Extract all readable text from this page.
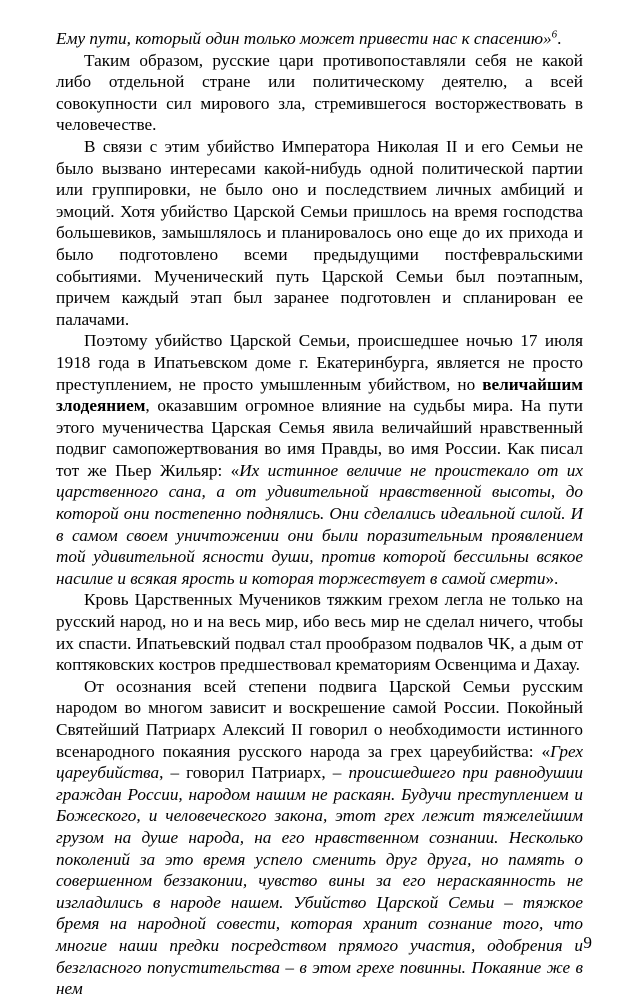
Ему пути, который один только может привести нас к спасению»$^6$.

Таким образом, русские цари противопоставляли себя не какой либо отдельной стране или политическому деятелю, а всей совокупности сил мирового зла, стремившегося восторжествовать в человечестве.

В связи с этим убийство Императора Николая II и его Семьи не было вызвано интересами какой-нибудь одной политической партии или группировки, не было оно и последствием личных амбиций и эмоций. Хотя убийство Царской Семьи пришлось на время господства большевиков, замышлялось и планировалось оно еще до их прихода и было подготовлено всеми предыдущими постфевральскими событиями. Мученический путь Царской Семьи был поэтапным, причем каждый этап был заранее подготовлен и спланирован ее палачами.

Поэтому убийство Царской Семьи, происшедшее ночью 17 июля 1918 года в Ипатьевском доме г. Екатеринбурга, является не просто преступлением, не просто умышленным убийством, но величайшим злодеянием, оказавшим огромное влияние на судьбы мира. На пути этого мученичества Царская Семья явила величайший нравственный подвиг самопожертвования во имя Правды, во имя России. Как писал тот же Пьер Жильяр: «Их истинное величие не проистекало от их царственного сана, а от удивительной нравственной высоты, до которой они постепенно поднялись. Они сделались идеальной силой. И в самом своем уничтожении они были поразительным проявлением той удивительной ясности души, против которой бессильны всякое насилие и всякая ярость и которая торжествует в самой смерти».

Кровь Царственных Мучеников тяжким грехом легла не только на русский народ, но и на весь мир, ибо весь мир не сделал ничего, чтобы их спасти. Ипатьевский подвал стал прообразом подвалов ЧК, а дым от коптяковских костров предшествовал крематориям Освенцима и Дахау.

От осознания всей степени подвига Царской Семьи русским народом во многом зависит и воскрешение самой России. Покойный Святейший Патриарх Алексий II говорил о необходимости истинного всенародного покаяния русского народа за грех цареубийства: «Грех цареубийства, – говорил Патриарх, – происшедшего при равнодушии граждан России, народом нашим не раскаян. Будучи преступлением и Божеского, и человеческого закона, этот грех лежит тяжелейшим грузом на душе народа, на его нравственном сознании. Несколько поколений за это время успело сменить друг друга, но память о совершенном беззаконии, чувство вины за его нераскаянность не изгладились в народе нашем. Убийство Царской Семьи – тяжкое бремя на народной совести, которая хранит сознание того, что многие наши предки посредством прямого участия, одобрения и безгласного попустительства – в этом грехе повинны. Покаяние же в нем

9
